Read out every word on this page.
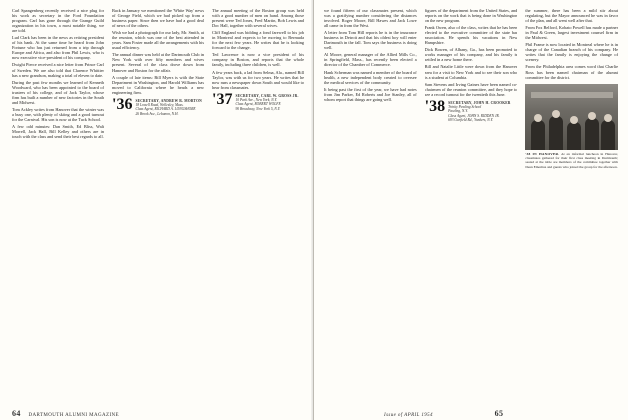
Carl Spangenberg recently received a nice plug for his work as secretary in the Ford Foundation program. Carl has gone through the Grange Guild organization in his town, a most notable thing, we are told.

Lud Clark has been in the news as retiring president of his bank. At the same time he heard from John Fortune who has just returned from a trip through Europe and Africa, and also from Phil Lewis, who is now executive vice-president of his company.

Dwight Pierce received a nice letter from Prince Carl of Sweden. We are also told that Clarence Whittier has a new grandson, making a total of eleven to date.

During the past few months we learned of Kenneth Woodward, who has been appointed to the board of trustees of his college, and of Jack Taylor, whose firm has built a number of new factories in the South and Midwest.

Tom Ackley writes from Hanover that the winter was a busy one, with plenty of skiing and a good turnout for the Carnival. His son is now at the Tuck School.

A few odd minutes: Dan Smith, Ed Bliss, Walt Morrell, Jack Hall, Bill Kelley and others are in touch with the class and send their best regards to all.

Back in January we mentioned the 'White Way' news of George Field, which we had picked up from a business paper. Since then we have had a good deal of news of the others.

Wish we had a photograph for our lady, Mr. Smith, at the reunion, which was one of the best attended in years. Sam Foster made all the arrangements with his usual efficiency.

The annual dinner was held at the Dartmouth Club in New York with over fifty members and wives present. Several of the class drove down from Hanover and Boston for the affair.

A couple of late items: Bill Myers is with the State Department in Washington, and Harold Williams has moved to California where he heads a new engineering firm.

'36 SECRETARY, ANDREW R. MORTON
18 Lowell Road, Wellesley, Mass.
Class Agent, RICHARD A. LONGSHORE
26 Brook Ave., Lebanon, N.H.

The annual meeting of the Boston group was held with a good number of men on hand. Among those present were Ted Jones, Fred Martin, Bob Lewis and Doc Hall, together with several wives.

Cliff England was bidding a fond farewell to his job in Montreal and expects to be moving to Bermuda for the next few years. He writes that he is looking forward to the change.

Ted Lawrence is now a vice president of his company in Boston, and reports that the whole family, including three children, is well.

A few years back, a lad from Selma, Ala., named Bill Taylor, was with us for two years. He writes that he now runs a newspaper down South and would like to hear from classmates.

'37 SECRETARY, CARL W. GROSS JR.
10 Park Ave., New York, N.Y.
Class Agent, ROBERT WOLFE
90 Broadway, New York 5, N.Y.
64 DARTMOUTH ALUMNI MAGAZINE

we found fifteen of our classmates present, which was a gratifying number considering the distances involved. Roger Moore, Bill Hawes and Jack Lowe all came in from the West.

A letter from Tom Hill reports he is in the insurance business in Detroit and that his oldest boy will enter Dartmouth in the fall. Tom says the business is doing well.

Al Moore, general manager of the Allied Mills Co., in Springfield, Mass., has recently been elected a director of the Chamber of Commerce.

Hank Scherman was named a member of the board of health, a new independent body created to oversee the medical services of the community.

It being past the first of the year, we have had notes from Jim Parker, Ed Roberts and Joe Stanley, all of whom report that things are going well.

figures of the department from the United States, and reports on the work that is being done in Washington on the new program.

Frank Owen, also of the class, writes that he has been elected to the executive committee of the state bar association. He spends his vacations in New Hampshire.

Dick Bowen, of Albany, Ga., has been promoted to works manager of his company, and his family is settled in a new home there.

Bill and Natalie Little were down from the Hanover area for a visit to New York and to see their son who is a student at Columbia.

Sam Stevens and Irving Gaines have been named co-chairmen of the reunion committee, and they hope to see a record turnout for the twentieth this June.

'38 SECRETARY, JOHN H. CROOKER
Trinity Pawling School
Pawling, N.Y.
Class Agent, JOHN S. RIDDEN JR.
693 Garfield Rd., Yonkers, N.Y.

the summer, there has been a mild stir about regulating, but the Mayor announced he was in favor of the plan, and all went well after that.

From Fox Belford, Kobato Powell has made a partner in Paul & Green, largest investment counsel firm in the Midwest.

Phil Frame is now located in Montreal where he is in charge of the Canadian branch of his company. He writes that the family is enjoying the change of scenery.

From the Philadelphia area comes word that Charlie Ross has been named chairman of the alumni committee for the district.

'38 IN HANOVER. At an informal luncheon in Hanover, classmates gathered for their first class meeting in Dartmouth; seated at the table are members of the committee together with Dean Emeritus and guests who joined the group for the afternoon.

Issue of APRIL 1954	65
